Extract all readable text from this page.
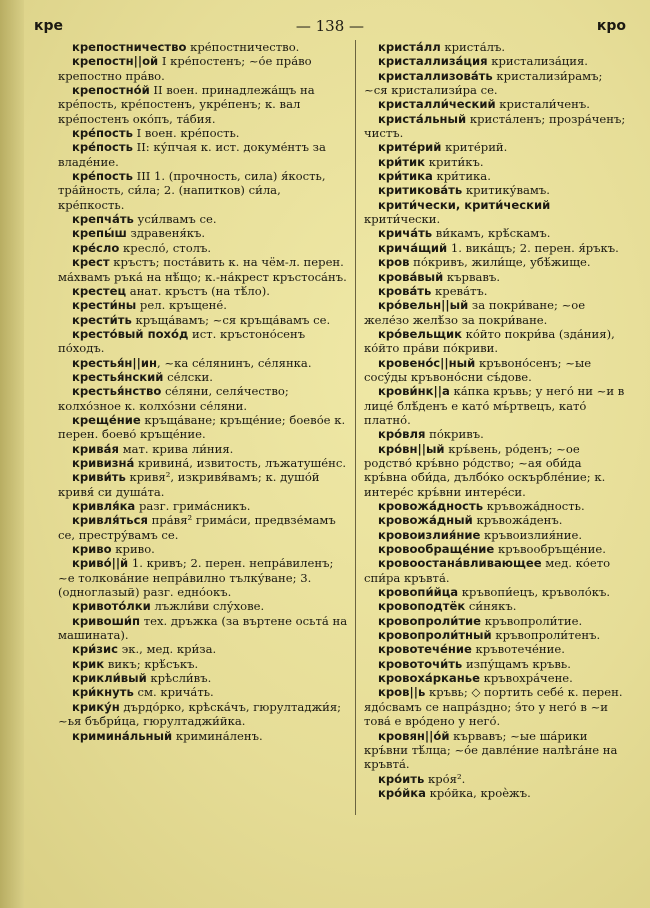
кре	— 138 —	кро

крепостничество кре́постничество.

крепостн||ой I кре́постенъ; ~о́е пра́во крепостно пра́во.

крепостно́й II воен. принадлежа́щъ на кре́пость, кре́постенъ, укре́пенъ; к. вал кре́постенъ око́пъ, та́бия.

кре́пость I воен. кре́пость.

кре́пость II: ку́пчая к. ист. докуме́нтъ за владе́ние.

кре́пость III 1. (прочность, сила) я́кость, тра́йность, си́ла; 2. (напитков) си́ла, кре́пкость.

крепча́ть уси́лвамъ се.

крепы́ш здравеня́къ.

кре́сло кресло́, столъ.

крест кръстъ; поста́вить к. на чём-л. перен. ма́хвамъ ръка́ на нѣ́що; к.-на́крест кръстоса́нъ.

крестец анат. кръстъ (на тѣ́ло).

крести́ны рел. кръщене́.

крести́ть кръща́вамъ; ~ся кръща́вамъ се.

кресто́вый похо́д ист. кръстоно́сенъ по́ходъ.

крестья́н||ин, ~ка се́лянинъ, се́лянка.

крестья́нский се́лски.

крестья́нство се́ляни, селя́чество; колхо́зное к. колхо́зни се́ляни.

креще́ние кръща́ване; кръще́ние; боево́е к. перен. боево́ кръще́ние.

крива́я мат. крива ли́ния.

кривизна́ кривина́, извитость, лъжатуше́нс.

криви́ть кривя², изкривя́вамъ; к. душо́й кривя́ си душа́та.

кривля́ка разг. грима́сникъ.

кривля́ться пра́вя² грима́си, предвзе́мамъ се, престру́вамъ се.

криво криво.

криво́||й 1. кривъ; 2. перен. непра́виленъ; ~е толкова́ние непра́вилно тълку́ване; 3. (одноглазый) разг. едно́окъ.

кривото́лки лъжли́ви слу́хове.

кривоши́п тех. дръжка (за въртене осьта́ на машината).

кри́зис эк., мед. кри́за.

крик викъ; крѣ́съкъ.

крикли́вый крѣсли́въ.

кри́кнуть см. крича́ть.

крику́н дърдо́рко, крѣска́чъ, гюрултаджи́я; ~ья бъбри́ца, гюрултаджи́йка.

кримина́льный кримина́ленъ.

криста́лл криста́лъ.

кристаллиза́ция кристализа́ция.

кристаллизова́ть кристализи́рамъ; ~ся кристализи́ра се.

кристалли́ческий кристали́ченъ.

криста́льный криста́ленъ; прозра́ченъ; чистъ.

крите́рий крите́рий.

кри́тик крити́къ.

кри́тика кри́тика.

критикова́ть критику́вамъ.

крити́чески, крити́ческий крити́чески.

крича́ть ви́камъ, крѣ́скамъ.

крича́щий 1. вика́щъ; 2. перен. я́ръкъ.

кров по́кривъ, жили́ще, убѣ́жище.

крова́вый кървавъ.

крова́ть крева́тъ.

кро́вельн||ый за покри́ване; ~ое желе́зо желѣ́зо за покри́ване.

кро́вельщик ко́йто покри́ва (зда́ния), ко́йто пра́ви по́криви.

кровено́с||ный кръвоно́сенъ; ~ые сосу́ды кръвоно́сни съ́дове.

крови́нк||а ка́пка кръвь; у него́ ни ~и в лице́ блѣ́денъ е като́ мъ́ртвецъ, като́ платно́.

кро́вля по́кривъ.

кро́вн||ый кръ́вень, ро́денъ; ~ое родство́ кръ́вно ро́дство; ~ая оби́да кръ́вна оби́да, дълбо́ко оскърбле́ние; к. интере́с кръ́вни интере́си.

кровожа́дность кръвожа́дность.

кровожа́дный кръвожа́денъ.

кровоизлия́ние кръвоизлия́ние.

кровообраще́ние кръвообръще́ние.

кровоостана́вливающее мед. ко́ето спи́ра кръвта́.

кровопи́йца кръвопи́ецъ, кръволо́къ.

кровоподтёк си́някъ.

кровопроли́тие кръвопроли́тие.

кровопроли́тный кръвопроли́тенъ.

кровотече́ние кръвотече́ние.

кровоточи́ть изпу́щамъ кръвь.

кровоха́рканье кръвохра́чене.

кров||ь кръвь; ◇ портить себе́ к. перен. ядо́свамъ се напра́здно; э́то у него́ в ~и това́ е вро́дено у него́.

кровян||о́й кървавъ; ~ые ша́рики кръ́вни тѣ́лца; ~о́е давле́ние налѣга́не на кръвта́.

кро́ить кро́я².

кро́йка кро́йка, кроѐжъ.
